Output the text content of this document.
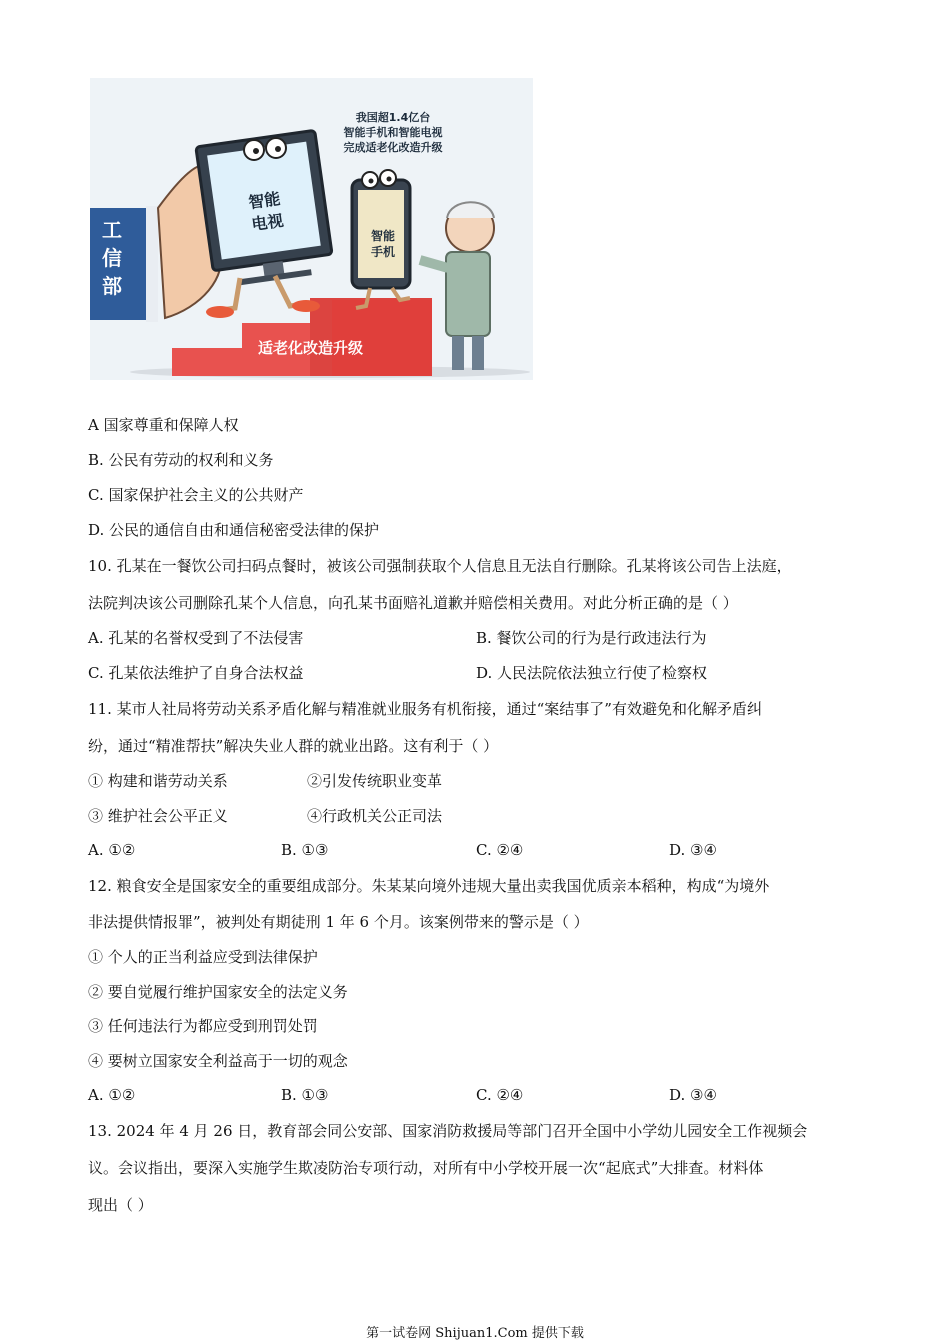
我国超1.4亿台
智能手机和智能电视
完成适老化改造升级
智能
电视
智能
手机
工
信
部
适老化改造升级
A 国家尊重和保障人权
B. 公民有劳动的权利和义务
C. 国家保护社会主义的公共财产
D. 公民的通信自由和通信秘密受法律的保护
10. 孔某在一餐饮公司扫码点餐时，被该公司强制获取个人信息且无法自行删除。孔某将该公司告上法庭，
法院判决该公司删除孔某个人信息，向孔某书面赔礼道歉并赔偿相关费用。对此分析正确的是（ ）
A. 孔某的名誉权受到了不法侵害	B. 餐饮公司的行为是行政违法行为
C. 孔某依法维护了自身合法权益	D. 人民法院依法独立行使了检察权
11. 某市人社局将劳动关系矛盾化解与精准就业服务有机衔接，通过“案结事了”有效避免和化解矛盾纠
纷，通过“精准帮扶”解决失业人群的就业出路。这有利于（ ）
① 构建和谐劳动关系	②引发传统职业变革
③ 维护社会公平正义	④行政机关公正司法
A. ①②	B. ①③	C. ②④	D. ③④
12. 粮食安全是国家安全的重要组成部分。朱某某向境外违规大量出卖我国优质亲本稻种，构成“为境外
非法提供情报罪”，被判处有期徒刑 1 年 6 个月。该案例带来的警示是（ ）
① 个人的正当利益应受到法律保护
② 要自觉履行维护国家安全的法定义务
③ 任何违法行为都应受到刑罚处罚
④ 要树立国家安全利益高于一切的观念
A. ①②	B. ①③	C. ②④	D. ③④
13. 2024 年 4 月 26 日，教育部会同公安部、国家消防救援局等部门召开全国中小学幼儿园安全工作视频会
议。会议指出，要深入实施学生欺凌防治专项行动，对所有中小学校开展一次“起底式”大排查。材料体
现出（ ）
第一试卷网 Shijuan1.Com 提供下载
